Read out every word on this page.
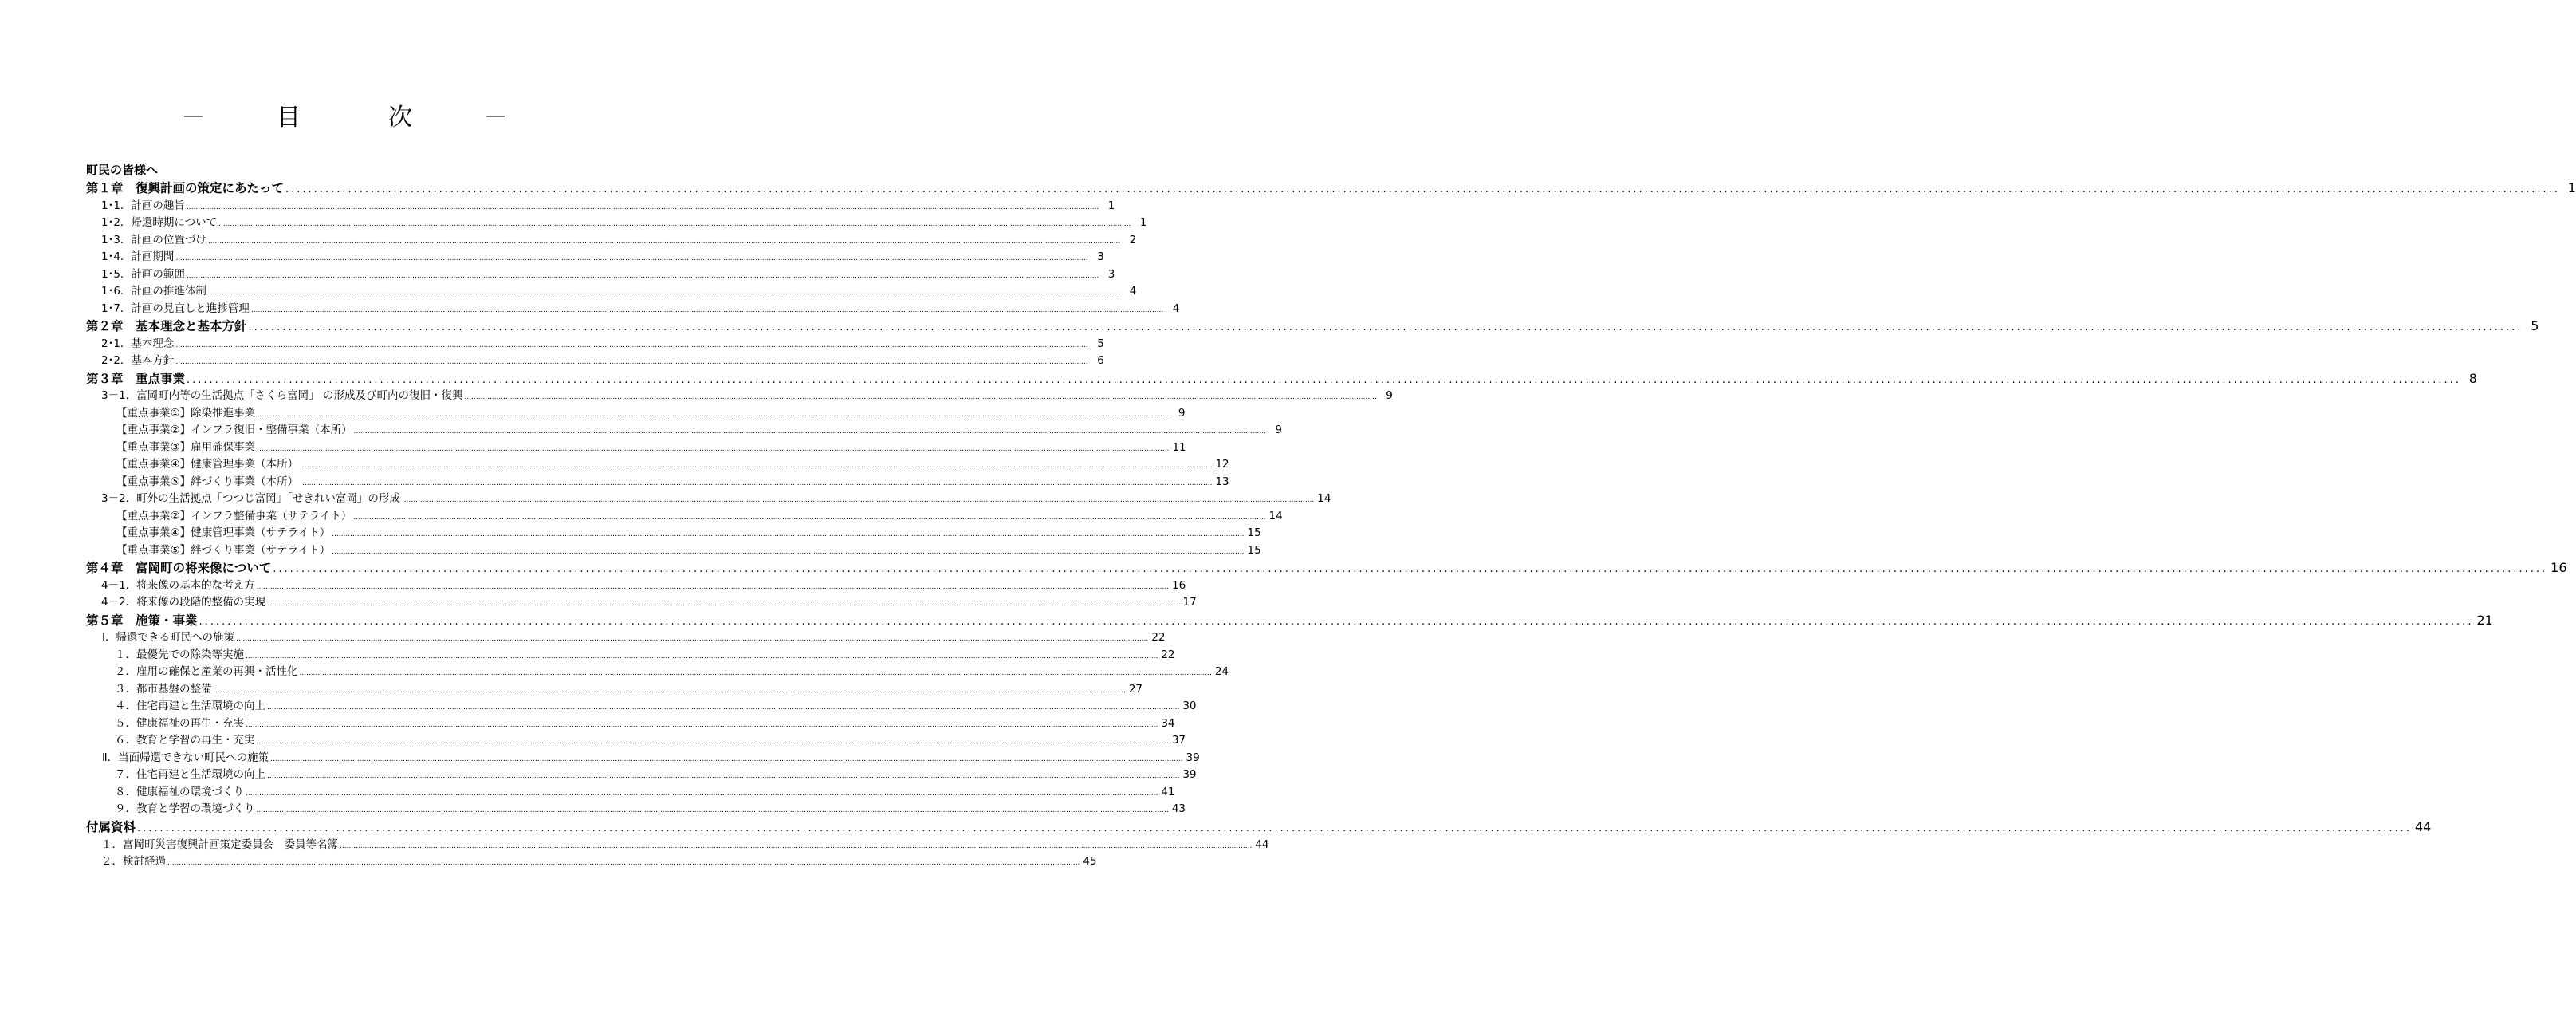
－ 目　次 －
町民の皆様へ
第１章　復興計画の策定にあたって ................................................................................................................................................................................................................................................................................................................................................................................................................ 1
1･1．計画の趣旨 ................................................................................................................................................................................................................................................................................................................................................................................................................ 1
1･2．帰還時期について ................................................................................................................................................................................................................................................................................................................................................................................................................ 1
1･3．計画の位置づけ ................................................................................................................................................................................................................................................................................................................................................................................................................ 2
1･4．計画期間 ................................................................................................................................................................................................................................................................................................................................................................................................................ 3
1･5．計画の範囲 ................................................................................................................................................................................................................................................................................................................................................................................................................ 3
1･6．計画の推進体制 ................................................................................................................................................................................................................................................................................................................................................................................................................ 4
1･7．計画の見直しと進捗管理 ................................................................................................................................................................................................................................................................................................................................................................................................................ 4
第２章　基本理念と基本方針 ................................................................................................................................................................................................................................................................................................................................................................................................................ 5
2･1．基本理念 ................................................................................................................................................................................................................................................................................................................................................................................................................ 5
2･2．基本方針 ................................................................................................................................................................................................................................................................................................................................................................................................................ 6
第３章　重点事業 ................................................................................................................................................................................................................................................................................................................................................................................................................ 8
3－1．富岡町内等の生活拠点「さくら富岡」 の形成及び町内の復旧・復興 ................................................................................................................................................................................................................................................................................................................................................................................................................ 9
【重点事業①】除染推進事業 ................................................................................................................................................................................................................................................................................................................................................................................................................ 9
【重点事業②】インフラ復旧・整備事業（本所） ................................................................................................................................................................................................................................................................................................................................................................................................................ 9
【重点事業③】雇用確保事業 ................................................................................................................................................................................................................................................................................................................................................................................................................ 11
【重点事業④】健康管理事業（本所） ................................................................................................................................................................................................................................................................................................................................................................................................................ 12
【重点事業⑤】絆づくり事業（本所） ................................................................................................................................................................................................................................................................................................................................................................................................................ 13
3－2．町外の生活拠点「つつじ富岡」「せきれい富岡」の形成 ................................................................................................................................................................................................................................................................................................................................................................................................................ 14
【重点事業②】インフラ整備事業（サテライト） ................................................................................................................................................................................................................................................................................................................................................................................................................ 14
【重点事業④】健康管理事業（サテライト） ................................................................................................................................................................................................................................................................................................................................................................................................................ 15
【重点事業⑤】絆づくり事業（サテライト） ................................................................................................................................................................................................................................................................................................................................................................................................................ 15
第４章　富岡町の将来像について ................................................................................................................................................................................................................................................................................................................................................................................................................ 16
4－1．将来像の基本的な考え方 ................................................................................................................................................................................................................................................................................................................................................................................................................ 16
4－2．将来像の段階的整備の実現 ................................................................................................................................................................................................................................................................................................................................................................................................................ 17
第５章　施策・事業 ................................................................................................................................................................................................................................................................................................................................................................................................................ 21
Ⅰ．帰還できる町民への施策 ................................................................................................................................................................................................................................................................................................................................................................................................................ 22
１．最優先での除染等実施 ................................................................................................................................................................................................................................................................................................................................................................................................................ 22
２．雇用の確保と産業の再興・活性化 ................................................................................................................................................................................................................................................................................................................................................................................................................ 24
３．都市基盤の整備 ................................................................................................................................................................................................................................................................................................................................................................................................................ 27
４．住宅再建と生活環境の向上 ................................................................................................................................................................................................................................................................................................................................................................................................................ 30
５．健康福祉の再生・充実 ................................................................................................................................................................................................................................................................................................................................................................................................................ 34
６．教育と学習の再生・充実 ................................................................................................................................................................................................................................................................................................................................................................................................................ 37
Ⅱ．当面帰還できない町民への施策 ................................................................................................................................................................................................................................................................................................................................................................................................................ 39
７．住宅再建と生活環境の向上 ................................................................................................................................................................................................................................................................................................................................................................................................................ 39
８．健康福祉の環境づくり ................................................................................................................................................................................................................................................................................................................................................................................................................ 41
９．教育と学習の環境づくり ................................................................................................................................................................................................................................................................................................................................................................................................................ 43
付属資料 ................................................................................................................................................................................................................................................................................................................................................................................................................ 44
１．富岡町災害復興計画策定委員会　委員等名簿 ................................................................................................................................................................................................................................................................................................................................................................................................................ 44
２．検討経過 ................................................................................................................................................................................................................................................................................................................................................................................................................ 45
